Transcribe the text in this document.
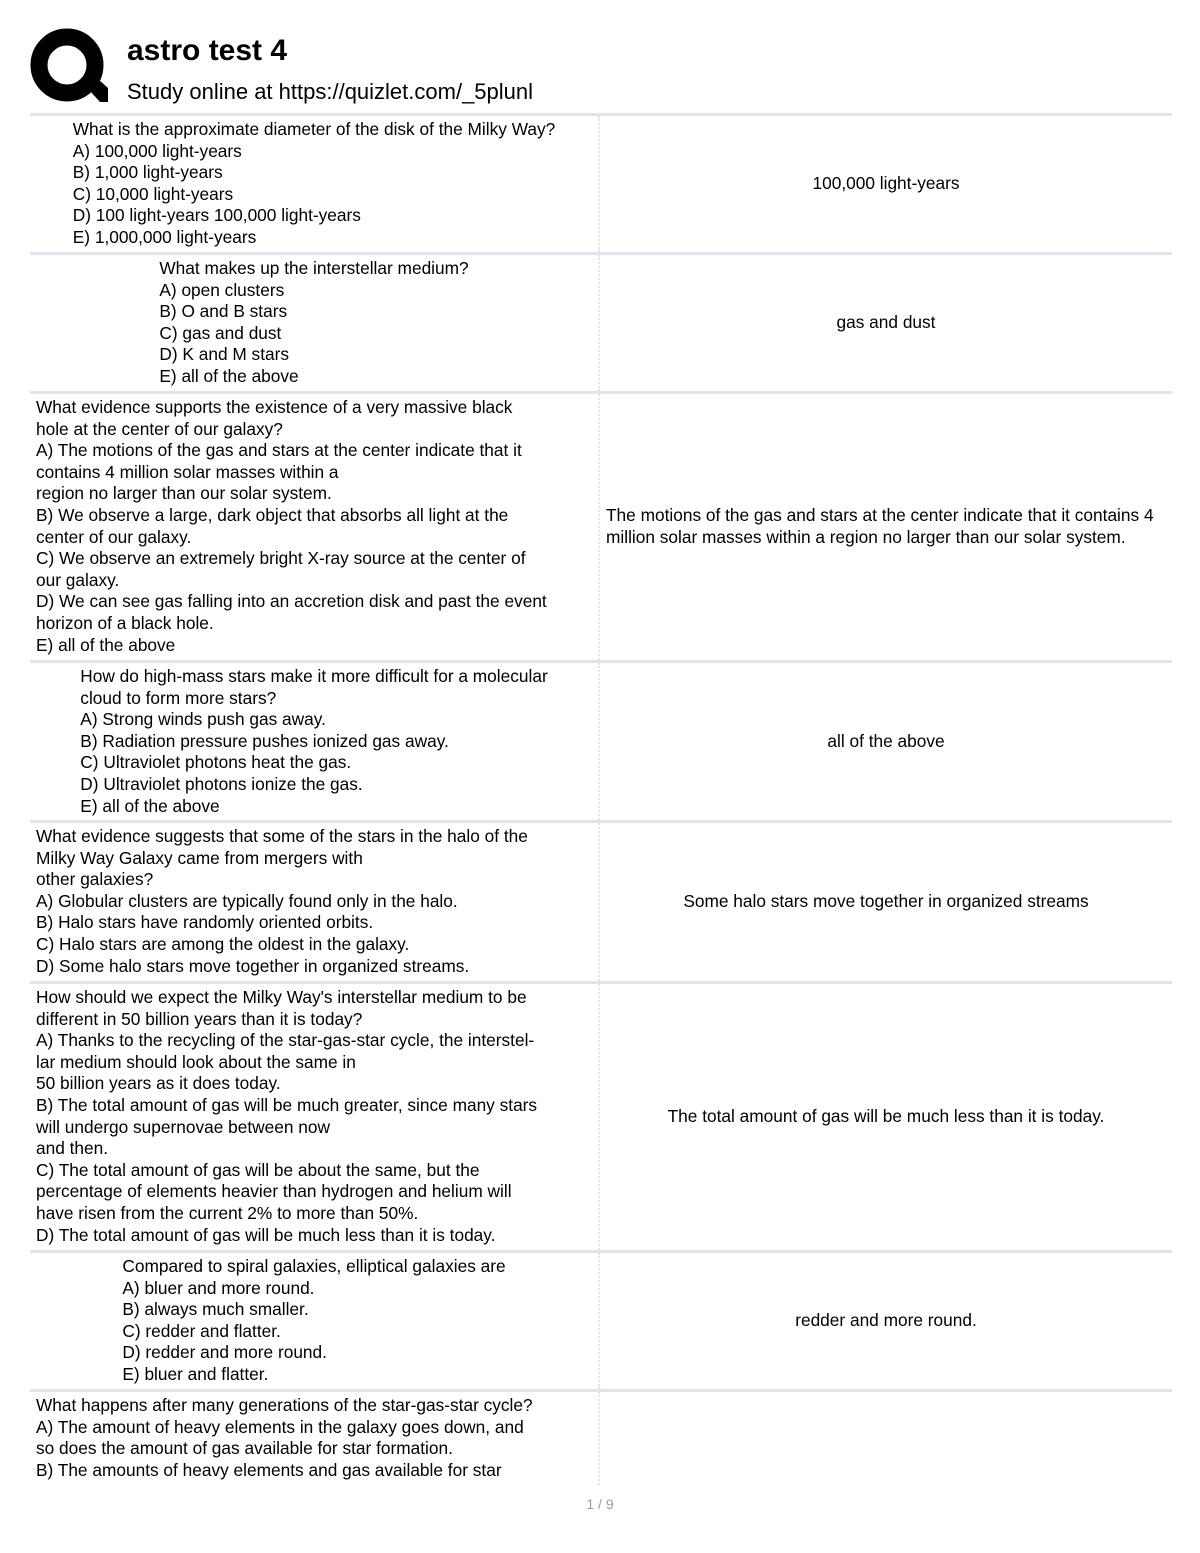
astro test 4
Study online at https://quizlet.com/_5plunl
What is the approximate diameter of the disk of the Milky Way?
A) 100,000 light-years
B) 1,000 light-years
C) 10,000 light-years
D) 100 light-years 100,000 light-years
E) 1,000,000 light-years
100,000 light-years
What makes up the interstellar medium?
A) open clusters
B) O and B stars
C) gas and dust
D) K and M stars
E) all of the above
gas and dust
What evidence supports the existence of a very massive black
hole at the center of our galaxy?
A) The motions of the gas and stars at the center indicate that it
contains 4 million solar masses within a
region no larger than our solar system.
B) We observe a large, dark object that absorbs all light at the
center of our galaxy.
C) We observe an extremely bright X-ray source at the center of
our galaxy.
D) We can see gas falling into an accretion disk and past the event
horizon of a black hole.
E) all of the above
The motions of the gas and stars at the center indicate that it contains 4 million solar masses within a region no larger than our solar system.
How do high-mass stars make it more difficult for a molecular
cloud to form more stars?
A) Strong winds push gas away.
B) Radiation pressure pushes ionized gas away.
C) Ultraviolet photons heat the gas.
D) Ultraviolet photons ionize the gas.
E) all of the above
all of the above
What evidence suggests that some of the stars in the halo of the
Milky Way Galaxy came from mergers with
other galaxies?
A) Globular clusters are typically found only in the halo.
B) Halo stars have randomly oriented orbits.
C) Halo stars are among the oldest in the galaxy.
D) Some halo stars move together in organized streams.
Some halo stars move together in organized streams
How should we expect the Milky Way's interstellar medium to be
different in 50 billion years than it is today?
A) Thanks to the recycling of the star-gas-star cycle, the interstel-
lar medium should look about the same in
50 billion years as it does today.
B) The total amount of gas will be much greater, since many stars
will undergo supernovae between now
and then.
C) The total amount of gas will be about the same, but the
percentage of elements heavier than hydrogen and helium will
have risen from the current 2% to more than 50%.
D) The total amount of gas will be much less than it is today.
The total amount of gas will be much less than it is today.
Compared to spiral galaxies, elliptical galaxies are
A) bluer and more round.
B) always much smaller.
C) redder and flatter.
D) redder and more round.
E) bluer and flatter.
redder and more round.
What happens after many generations of the star-gas-star cycle?
A) The amount of heavy elements in the galaxy goes down, and
so does the amount of gas available for star formation.
B) The amounts of heavy elements and gas available for star
1 / 9
